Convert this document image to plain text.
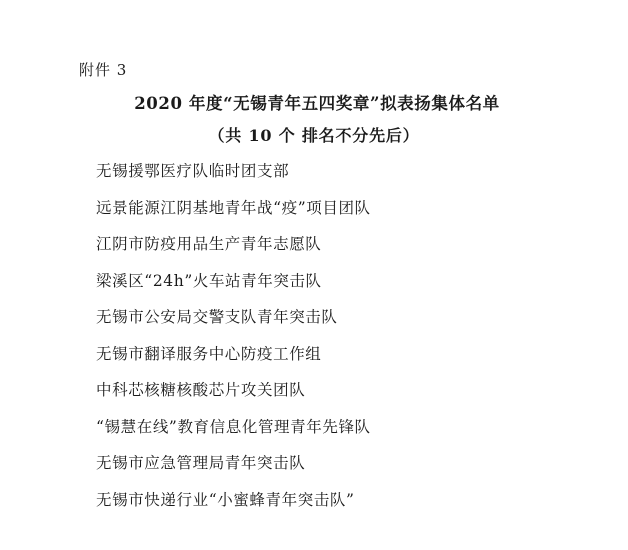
附件 3
2020 年度“无锡青年五四奖章”拟表扬集体名单
（共 10 个 排名不分先后）
无锡援鄂医疗队临时团支部
远景能源江阴基地青年战“疫”项目团队
江阴市防疫用品生产青年志愿队
梁溪区“24h”火车站青年突击队
无锡市公安局交警支队青年突击队
无锡市翻译服务中心防疫工作组
中科芯核糖核酸芯片攻关团队
“锡慧在线”教育信息化管理青年先锋队
无锡市应急管理局青年突击队
无锡市快递行业“小蜜蜂青年突击队”
